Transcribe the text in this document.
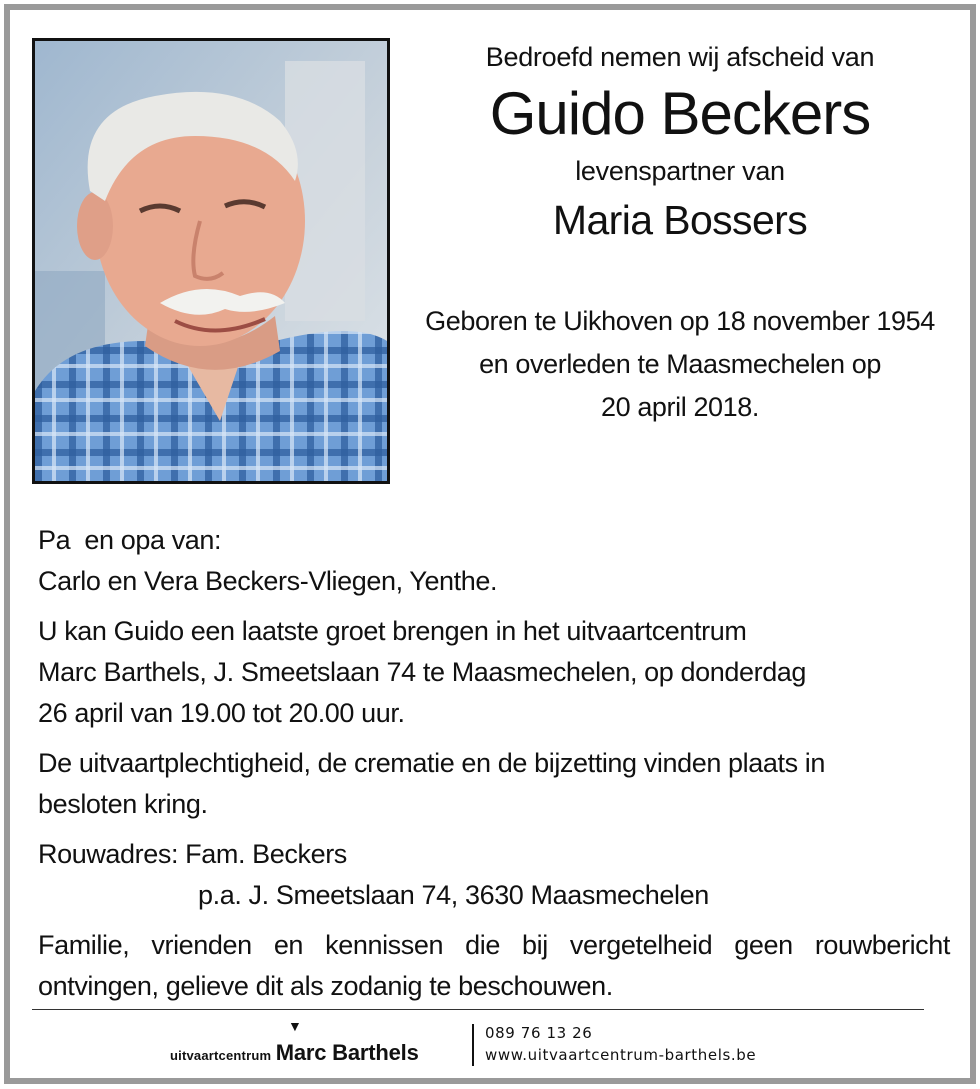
Bedroefd nemen wij afscheid van
Guido Beckers
levenspartner van
Maria Bossers
Geboren te Uikhoven op 18 november 1954
en overleden te Maasmechelen op
20 april 2018.

Pa  en opa van:
Carlo en Vera Beckers-Vliegen, Yenthe.

U kan Guido een laatste groet brengen in het uitvaartcentrum
Marc Barthels, J. Smeetslaan 74 te Maasmechelen, op donderdag
26 april van 19.00 tot 20.00 uur.

De uitvaartplechtigheid, de crematie en de bijzetting vinden plaats in
besloten kring.

Rouwadres: Fam. Beckers
p.a. J. Smeetslaan 74, 3630 Maasmechelen

Familie, vrienden en kennissen die bij vergetelheid geen rouwbericht
ontvingen, gelieve dit als zodanig te beschouwen.

▼
uitvaartcentrum Marc Barthels
089 76 13 26
www.uitvaartcentrum-barthels.be
